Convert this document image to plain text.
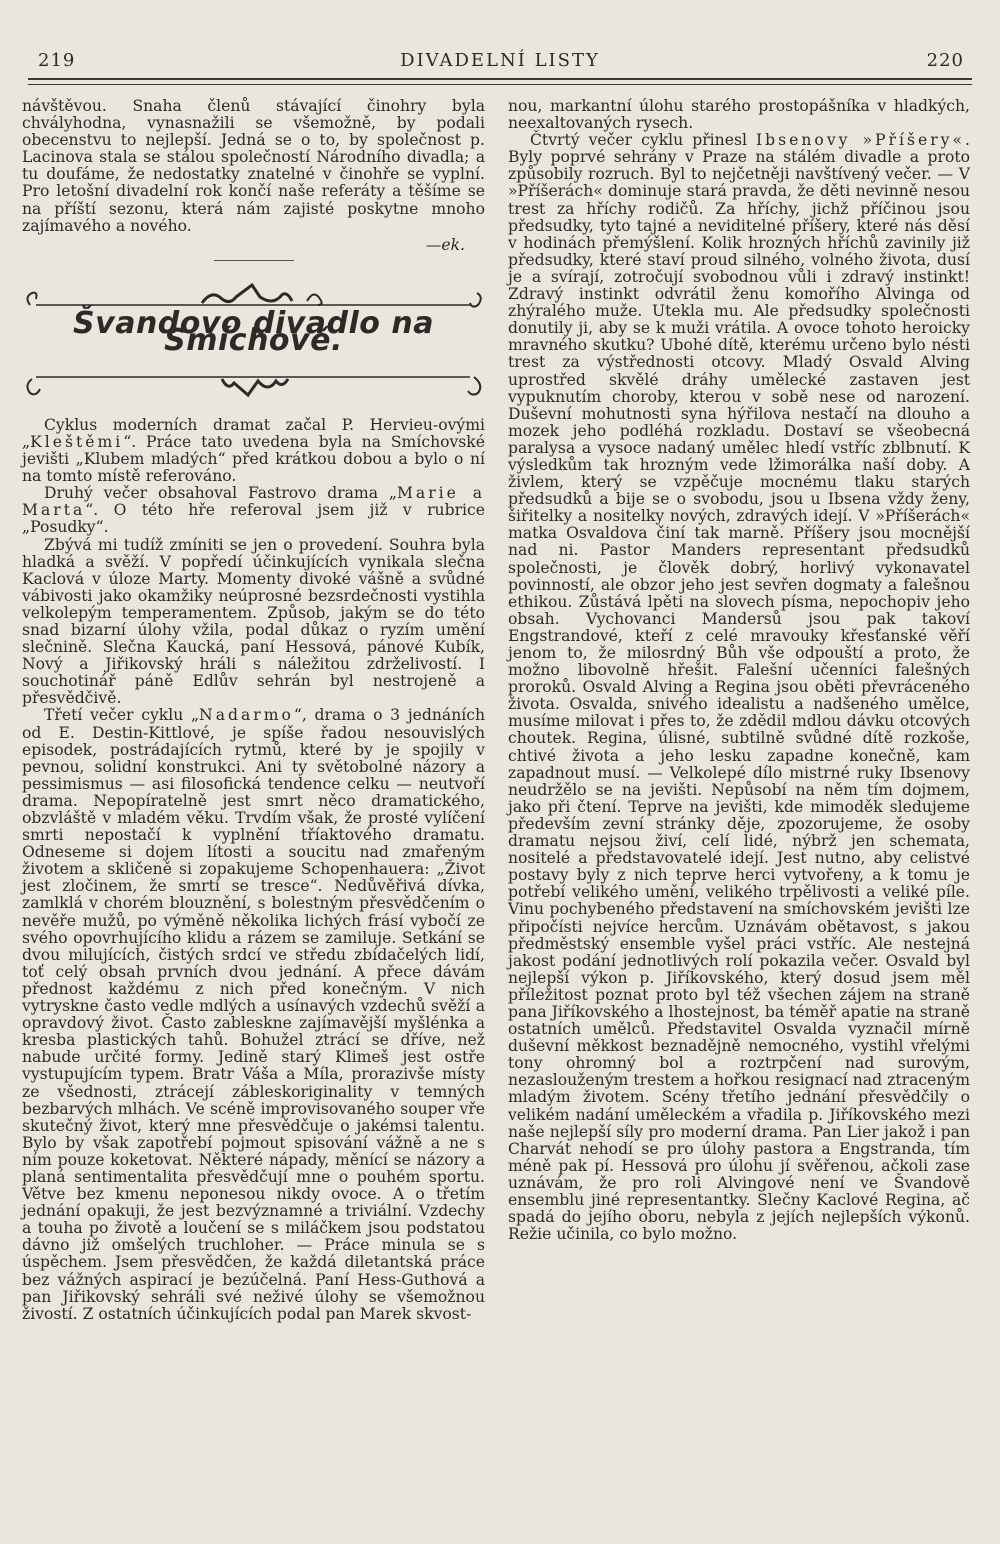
219	DIVADELNÍ LISTY	220

návštěvou. Snaha členů stávající činohry byla chvályhodna, vynasnažili se všemožně, by podali obecenstvu to nejlepší. Jedná se o to, by společnost p. Lacinova stala se stálou společností Národního divadla; a tu doufáme, že nedostatky znatelné v činohře se vyplní. Pro letošní divadelní rok končí naše referáty a těšíme se na příští sezonu, která nám zajisté poskytne mnoho zajímavého a nového.

—ek.
Švandovo divadlo na Smíchově.

Cyklus moderních dramat začal P. Hervieu-ovými „Kleštěmi“. Práce tato uvedena byla na Smíchovské jevišti „Klubem mladých“ před krátkou dobou a bylo o ní na tomto místě referováno.

Druhý večer obsahoval Fastrovo drama „Marie a Marta“. O této hře referoval jsem již v rubrice „Posudky“.

Zbývá mi tudíž zmíniti se jen o provedení. Souhra byla hladká a svěží. V popředí účinkujících vynikala slečna Kaclová v úloze Marty. Momenty divoké vášně a svůdné vábivosti jako okamžiky neúprosné bezsrdečnosti vystihla velkolepým temperamentem. Způsob, jakým se do této snad bizarní úlohy vžila, podal důkaz o ryzím umění slečnině. Slečna Kaucká, paní Hessová, pánové Kubík, Nový a Jiřikovský hráli s náležitou zdrželivostí. I souchotinář páně Edlův sehrán byl nestrojeně a přesvědčivě.

Třetí večer cyklu „Nadarmo“, drama o 3 jednáních od E. Destin-Kittlové, je spíše řadou nesouvislých episodek, postrádajících rytmů, které by je spojily v pevnou, solidní konstrukci. Ani ty světobolné názory a pessimismus — asi filosofická tendence celku — neutvoří drama. Nepopíratelně jest smrt něco dramatického, obzvláště v mladém věku. Trvdím však, že prosté vylíčení smrti nepostačí k vyplnění tříaktového dramatu. Odneseme si dojem lítosti a soucitu nad zmařeným životem a skličeně si zopakujeme Schopenhauera: „Život jest zločinem, že smrtí se tresce“. Nedůvěřivá dívka, zamlklá v chorém blouznění, s bolestným přesvědčením o nevěře mužů, po výměně několika lichých frásí vybočí ze svého opovrhujícího klidu a rázem se zamiluje. Setkání se dvou milujících, čistých srdcí ve středu zbídačelých lidí, toť celý obsah prvních dvou jednání. A přece dávám přednost každému z nich před konečným. V nich vytryskne často vedle mdlých a usínavých vzdechů svěží a opravdový život. Často zableskne zajímavější myšlénka a kresba plastických tahů. Bohužel ztrácí se dříve, než nabude určité formy. Jedině starý Klimeš jest ostře vystupujícím typem. Bratr Váša a Míla, prorazivše místy ze všednosti, ztrácejí zábleskoriginality v temných bezbarvých mlhách. Ve scéně improvisovaného souper vře skutečný život, který mne přesvědčuje o jakémsi talentu. Bylo by však zapotřebí pojmout spisování vážně a ne s ním pouze koketovat. Některé nápady, měnící se názory a planá sentimentalita přesvědčují mne o pouhém sportu. Větve bez kmenu neponesou nikdy ovoce. A o třetím jednání opakuji, že jest bezvýznamné a triviální. Vzdechy a touha po životě a loučení se s miláčkem jsou podstatou dávno již omšelých truchloher. — Práce minula se s úspěchem. Jsem přesvědčen, že každá diletantská práce bez vážných aspirací je bezúčelná. Paní Hess-Guthová a pan Jiřikovský sehráli své neživé úlohy se všemožnou živostí. Z ostatních účinkujících podal pan Marek skvost-

nou, markantní úlohu starého prostopášníka v hladkých, neexaltovaných rysech.

Čtvrtý večer cyklu přinesl Ibsenovy »Příšery«. Byly poprvé sehrány v Praze na stálém divadle a proto způsobily rozruch. Byl to nejčetněji navštívený večer. — V »Příšerách« dominuje stará pravda, že děti nevinně nesou trest za hříchy rodičů. Za hříchy, jichž příčinou jsou předsudky, tyto tajné a neviditelné příšery, které nás děsí v hodinách přemýšlení. Kolik hrozných hříchů zavinily již předsudky, které staví proud silného, volného života, dusí je a svírají, zotročují svobodnou vůli i zdravý instinkt! Zdravý instinkt odvrátil ženu komořího Alvinga od zhýralého muže. Utekla mu. Ale předsudky společnosti donutily ji, aby se k muži vrátila. A ovoce tohoto heroicky mravného skutku? Ubohé dítě, kterému určeno bylo nésti trest za výstřednosti otcovy. Mladý Osvald Alving uprostřed skvělé dráhy umělecké zastaven jest vypuknutím choroby, kterou v sobě nese od narození. Duševní mohutnosti syna hýřilova nestačí na dlouho a mozek jeho podléhá rozkladu. Dostaví se všeobecná paralysa a vysoce nadaný umělec hledí vstříc zblbnutí. K výsledkům tak hrozným vede lžimorálka naší doby. A živlem, který se vzpěčuje mocnému tlaku starých předsudků a bije se o svobodu, jsou u Ibsena vždy ženy, šiřitelky a nositelky nových, zdravých idejí. V »Příšerách« matka Osvaldova činí tak marně. Příšery jsou mocnější nad ni. Pastor Manders representant předsudků společnosti, je člověk dobrý, horlivý vykonavatel povinností, ale obzor jeho jest sevřen dogmaty a falešnou ethikou. Zůstává lpěti na slovech písma, nepochopiv jeho obsah. Vychovanci Mandersů jsou pak takoví Engstrandové, kteří z celé mravouky křesťanské věří jenom to, že milosrdný Bůh vše odpouští a proto, že možno libovolně hřešit. Falešní učenníci falešných proroků. Osvald Alving a Regina jsou oběti převráceného života. Osvalda, snivého idealistu a nadšeného umělce, musíme milovat i přes to, že zdědil mdlou dávku otcových choutek. Regina, úlisné, subtilně svůdné dítě rozkoše, chtivé života a jeho lesku zapadne konečně, kam zapadnout musí. — Velkolepé dílo mistrné ruky Ibsenovy neudržělo se na jevišti. Nepůsobí na něm tím dojmem, jako při čtení. Teprve na jevišti, kde mimoděk sledujeme především zevní stránky děje, zpozorujeme, že osoby dramatu nejsou živí, celí lidé, nýbrž jen schemata, nositelé a představovatelé idejí. Jest nutno, aby celistvé postavy byly z nich teprve herci vytvořeny, a k tomu je potřebí velikého umění, velikého trpělivosti a veliké píle. Vinu pochybeného představení na smíchovském jevišti lze připočísti nejvíce hercům. Uznávám obětavost, s jakou předměstský ensemble vyšel práci vstříc. Ale nestejná jakost podání jednotlivých rolí pokazila večer. Osvald byl nejlepší výkon p. Jiříkovského, který dosud jsem měl příležitost poznat proto byl též všechen zájem na straně pana Jiříkovského a lhostejnost, ba téměř apatie na straně ostatních umělců. Představitel Osvalda vyznačil mírně duševní měkkost beznadějně nemocného, vystihl vřelými tony ohromný bol a roztrpčení nad surovým, nezaslouženým trestem a hořkou resignací nad ztraceným mladým životem. Scény třetího jednání přesvědčily o velikém nadání uměleckém a vřadila p. Jiříkovského mezi naše nejlepší síly pro moderní drama. Pan Lier jakož i pan Charvát nehodí se pro úlohy pastora a Engstranda, tím méně pak pí. Hessová pro úlohu jí svěřenou, ačkoli zase uznávám, že pro roli Alvingové není ve Švandově ensemblu jiné representantky. Slečny Kaclové Regina, ač spadá do jejího oboru, nebyla z jejích nejlepších výkonů. Režie učinila, co bylo možno.
